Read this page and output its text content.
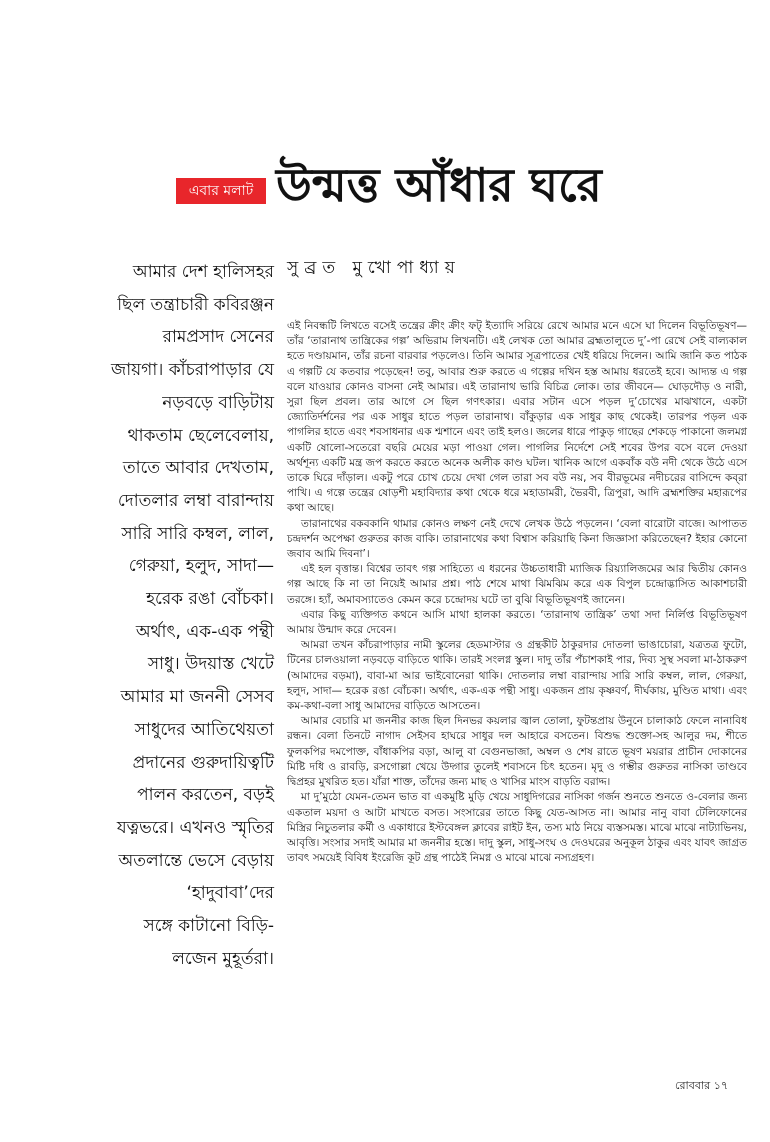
এবার মলাট উন্মত্ত আঁধার ঘরে
সুব্রত মুখোপাধ্যায়
আমার দেশ হালিসহর
ছিল তন্ত্রাচারী কবিরঞ্জন
রামপ্রসাদ সেনের
জায়গা। কাঁচরাপাড়ার যে
নড়বড়ে বাড়িটায়
থাকতাম ছেলেবেলায়,
তাতে আবার দেখতাম,
দোতলার লম্বা বারান্দায়
সারি সারি কম্বল, লাল,
গেরুয়া, হলুদ, সাদা—
হরেক রঙা বোঁচকা।
অর্থাৎ, এক-এক পন্থী
সাধু। উদয়াস্ত খেটে
আমার মা জননী সেসব
সাধুদের আতিথেয়তা
প্রদানের গুরুদায়িত্বটি
পালন করতেন, বড়ই
যত্নভরে। এখনও স্মৃতির
অতলান্তে ভেসে বেড়ায়
‘হাদুবাবা’দের
সঙ্গে কাটানো বিড়ি-
লজেন মুহূর্তরা।

এই নিবন্ধটি লিখতে বসেই তন্ত্রের ক্রীং ক্রীং ফট্ ইত্যাদি সরিয়ে রেখে আমার মনে এসে ঘা দিলেন বিভূতিভূষণ— তাঁর ‘তারানাথ তান্ত্রিকের গল্প’ অভিরাম লিখনটি। এই লেখক তো আমার ব্রহ্মতালুতে দু’-পা রেখে সেই বাল্যকাল হতে দণ্ডায়মান, তাঁর রচনা বারবার পড়লেও। তিনি আমার সূত্রপাতের খেই ধরিয়ে দিলেন। আমি জানি কত পাঠক এ গল্পটি যে কতবার পড়েছেন! তবু, আবার শুরু করতে এ গল্পের দখিন হস্ত আমায় ধরতেই হবে। আদ্যন্ত এ গল্প বলে যাওয়ার কোনও বাসনা নেই আমার। এই তারানাথ ভারি বিচিত্র লোক। তার জীবনে— ঘোড়দৌড় ও নারী, সুরা ছিল প্রবল। তার আগে সে ছিল গণৎকার। এবার সটান এসে পড়ল দু’চোখের মাঝখানে, একটা জ্যোতির্দর্শনের পর এক সাধুর হাতে পড়ল তারানাথ। বাঁকুড়ার এক সাধুর কাছ থেকেই। তারপর পড়ল এক পাগলির হাতে এবং শবসাধনার এক শ্মশানে এবং তাই হলও। জলের ধারে পাকুড় গাছের শেকড়ে পাকানো জলমগ্ন একটি ষোলো-সতেরো বছরি মেয়ের মড়া পাওয়া গেল। পাগলির নির্দেশে সেই শবের উপর বসে বলে দেওয়া অর্থশূন্য একটি মন্ত্র জপ করতে করতে অনেক অলীক কাণ্ড ঘটল। খানিক আগে একবাঁক বউ নদী থেকে উঠে এসে তাকে ঘিরে দাঁড়াল। একটু পরে চোখ চেয়ে দেখা গেল তারা সব বউ নয়, সব বীরভূমের নদীচরের বাসিন্দে কব্‌রা পাখি। এ গল্পে তন্ত্রের ষোড়শী মহাবিদ্যার কথা থেকে ধরে মহাডামরী, ভৈরবী, ত্রিপুরা, আদি ব্রহ্মশক্তির মহারূপের কথা আছে।

তারানাথের বকবকানি থামার কোনও লক্ষণ নেই দেখে লেখক উঠে পড়লেন। ‘বেলা বারোটা বাজে। আপাতত চন্দ্রদর্শন অপেক্ষা গুরুতর কাজ বাকি। তারানাথের কথা বিশ্বাস করিয়াছি কিনা জিজ্ঞাসা করিতেছেন? ইহার কোনো জবাব আমি দিবনা’।

এই হল বৃত্তান্ত। বিশ্বের তাবৎ গল্প সাহিত্যে এ ধরনের উচ্চতাধারী ম্যাজিক রিয়্যালিজমের আর দ্বিতীয় কোনও গল্প আছে কি না তা নিয়েই আমার প্রশ্ন। পাঠ শেষে মাথা ঝিমঝিম করে এক বিপুল চন্দ্রোদ্ভাসিত আকাশচারী তরঙ্গে। হ্যাঁ, অমাবস্যাতেও কেমন করে চন্দ্রোদয় ঘটে তা বুঝি বিভূতিভূষণই জানেন।

এবার কিছু ব্যক্তিগত কথনে আসি মাথা হালকা করতে। ‘তারানাথ তান্ত্রিক’ তথা সদা নির্লিপ্ত বিভূতিভূষণ আমায় উন্মাদ করে দেবেন।

আমরা তখন কাঁচরাপাড়ার নামী স্কুলের হেডমাস্টার ও গ্রন্থকীট ঠাকুরদার দোতলা ভাঙাচোরা, যত্রতত্র ফুটো, টিনের চালওয়ালা নড়বড়ে বাড়িতে থাকি। তারই সংলগ্ন স্কুল। দাদু তাঁর পঁচাশকাই পার, দিব্য সুস্থ সবলা মা-ঠাকরুণ (আমাদের বড়মা), বাবা-মা আর ভাইবোনেরা থাকি। দোতলার লম্বা বারান্দায় সারি সারি কম্বল, লাল, গেরুয়া, হলুদ, সাদা— হরেক রঙা বোঁচকা। অর্থাৎ, এক-এক পন্থী সাধু। একজন প্রায় কৃষ্ণবর্ণ, দীর্ঘকায়, মুণ্ডিত মাথা। এবং কম-কথা-বলা সাধু আমাদের বাড়িতে আসতেন।

আমার বেচারি মা জননীর কাজ ছিল দিনভর কয়লার জ্বাল তোলা, ফুটন্তপ্রায় উনুনে চালাকাঠ ফেলে নানাবিধ রন্ধন। বেলা তিনটে নাগাদ সেইসব হাঘরে সাধুর দল আহারে বসতেন। বিশুদ্ধ শুক্তো-সহ আলুর দম, শীতে ফুলকপির দমপোক্ত, বাঁধাকপির বড়া, আলু বা বেগুনভাজা, অম্বল ও শেষ রাতে ভূষণ ময়রার প্রাচীন দোকানের মিষ্টি দধি ও রাবড়ি, রসগোল্লা খেয়ে উদ্গার তুলেই শবাসনে চিৎ হতেন। মৃদু ও গম্ভীর গুরুতর নাসিকা তাণ্ডবে দ্বিপ্রহর মুখরিত হত। যাঁরা শাক্ত, তাঁদের জন্য মাছ ও খাসির মাংস বাড়তি বরাদ্দ।

মা দু’মুঠো যেমন-তেমন ভাত বা একমুষ্টি মুড়ি খেয়ে সাধুদিগরের নাসিকা গর্জন শুনতে শুনতে ও-বেলার জন্য একতাল ময়দা ও আটা মাখতে বসত। সংসারের তাতে কিছু যেত-আসত না। আমার নানু বাবা টেলিফোনের মিস্ত্রির নিচুতলার কর্মী ও একাধারে ইস্টবেঙ্গল ক্লাবের রাইট ইন, তস্য মাঠ নিয়ে ব্যস্তসমস্ত। মাঝে মাঝে নাট্যাভিনয়, আবৃত্তি। সংসার সদাই আমার মা জননীর হস্তে। দাদু স্কুল, সাধু-সংঘ ও দেওঘরের অনুকূল ঠাকুর এবং যাবৎ জাগ্রত তাবৎ সময়েই বিবিধ ইংরেজি কূট গ্রন্থ পাঠেই নিমগ্ন ও মাঝে মাঝে নস্যগ্রহণ।

রোববার ১৭
